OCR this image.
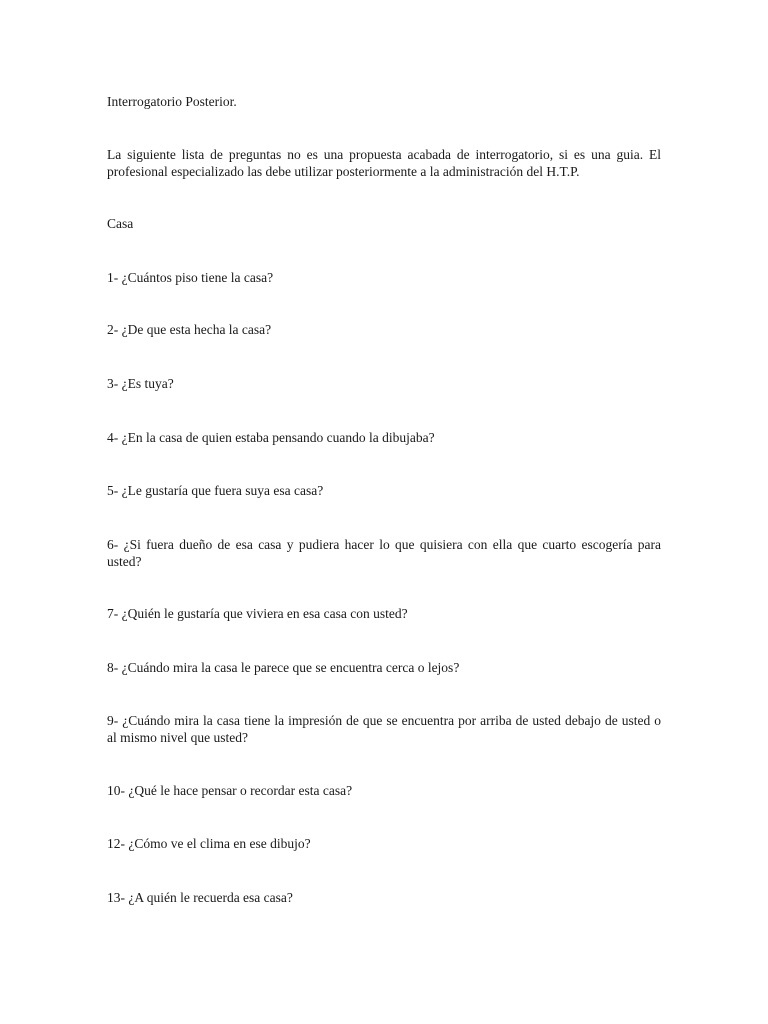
Interrogatorio Posterior.

La siguiente lista de preguntas no es una propuesta acabada de interrogatorio, si es una guia. El profesional especializado las debe utilizar posteriormente a la administración del H.T.P.

Casa

1- ¿Cuántos piso tiene la casa?

2- ¿De que esta hecha la casa?

3- ¿Es tuya?

4- ¿En la casa de quien estaba pensando cuando la dibujaba?

5- ¿Le gustaría que fuera suya esa casa?

6- ¿Si fuera dueño de esa casa y pudiera hacer lo que quisiera con ella que cuarto escogería para usted?

7- ¿Quién le gustaría que viviera en esa casa con usted?

8- ¿Cuándo mira la casa le parece que se encuentra cerca o lejos?

9- ¿Cuándo mira la casa tiene la impresión de que se encuentra por arriba de usted debajo de usted o al mismo nivel que usted?

10- ¿Qué le hace pensar o recordar esta casa?

12- ¿Cómo ve el clima en ese dibujo?

13- ¿A quién le recuerda esa casa?
